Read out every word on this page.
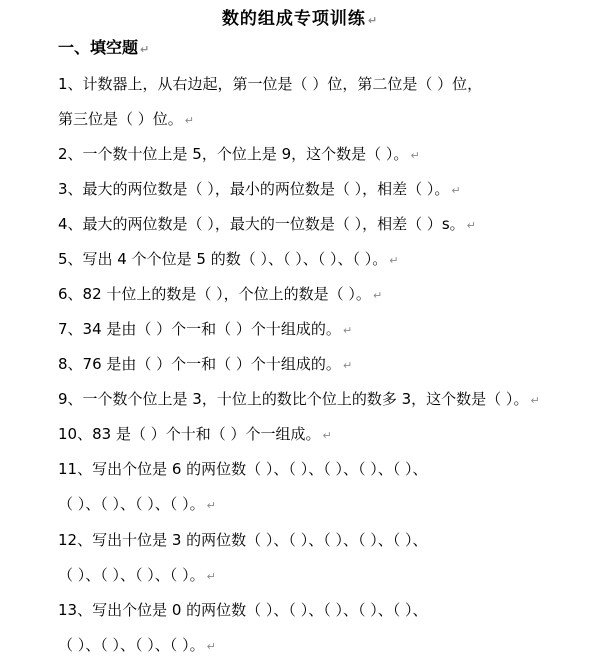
数的组成专项训练 ↵
一、填空题 ↵
1、计数器上，从右边起，第一位是（ ）位，第二位是（ ）位，
第三位是（ ）位。 ↵
2、一个数十位上是 5，个位上是 9，这个数是（ ）。 ↵
3、最大的两位数是（ ），最小的两位数是（ ），相差（ ）。 ↵
4、最大的两位数是（ ），最大的一位数是（ ），相差（ ）s。 ↵
5、写出 4 个个位是 5 的数（ ）、（ ）、（ ）、（ ）。 ↵
6、82 十位上的数是（ ），个位上的数是（ ）。 ↵
7、34 是由（ ）个一和（ ）个十组成的。 ↵
8、76 是由（ ）个一和（ ）个十组成的。 ↵
9、一个数个位上是 3，十位上的数比个位上的数多 3，这个数是（ ）。 ↵
10、83 是（ ）个十和（ ）个一组成。 ↵
11、写出个位是 6 的两位数（ ）、（ ）、（ ）、（ ）、（ ）、
（ ）、（ ）、（ ）、（ ）。 ↵
12、写出十位是 3 的两位数（ ）、（ ）、（ ）、（ ）、（ ）、
（ ）、（ ）、（ ）、（ ）。 ↵
13、写出个位是 0 的两位数（ ）、（ ）、（ ）、（ ）、（ ）、
（ ）、（ ）、（ ）、（ ）。 ↵
